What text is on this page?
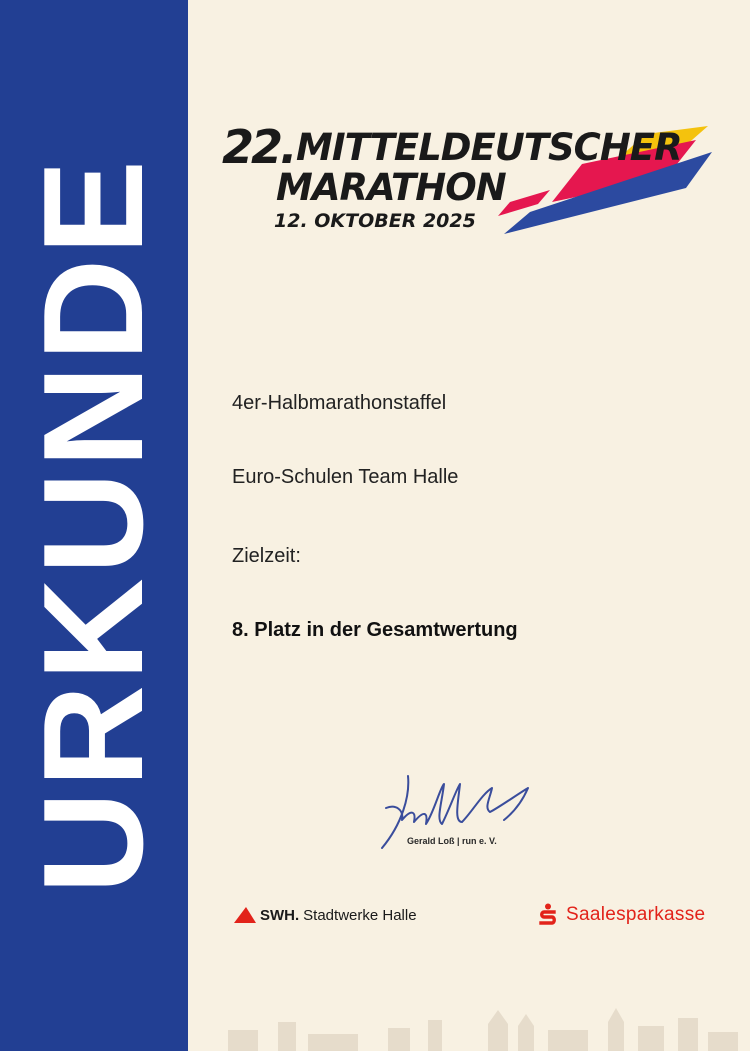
URKUNDE
22. MITTELDEUTSCHER
MARATHON
12. OKTOBER 2025
4er-Halbmarathonstaffel
Euro-Schulen Team Halle
Zielzeit:
8. Platz in der Gesamtwertung
Gerald Loß | run e. V.
SWH. Stadtwerke Halle	Saalesparkasse
